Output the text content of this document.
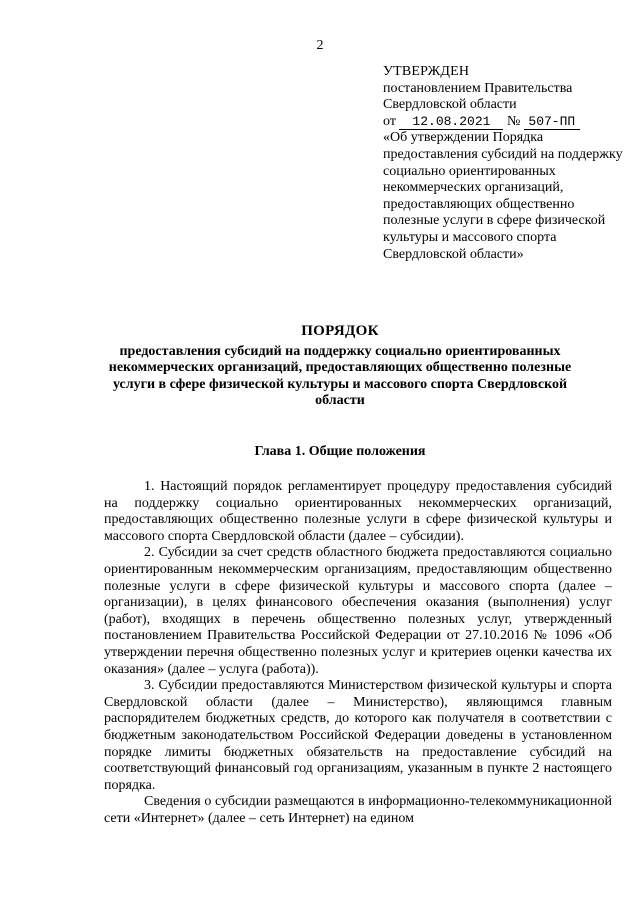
2
УТВЕРЖДЕН
постановлением Правительства
Свердловской области
от 12.08.2021 № 507-ПП
«Об утверждении Порядка предоставления субсидий на поддержку социально ориентированных некоммерческих организаций, предоставляющих общественно полезные услуги в сфере физической культуры и массового спорта Свердловской области»
ПОРЯДОК
предоставления субсидий на поддержку социально ориентированных некоммерческих организаций, предоставляющих общественно полезные услуги в сфере физической культуры и массового спорта Свердловской области
Глава 1. Общие положения

1. Настоящий порядок регламентирует процедуру предоставления субсидий на поддержку социально ориентированных некоммерческих организаций, предоставляющих общественно полезные услуги в сфере физической культуры и массового спорта Свердловской области (далее – субсидии).

2. Субсидии за счет средств областного бюджета предоставляются социально ориентированным некоммерческим организациям, предоставляющим общественно полезные услуги в сфере физической культуры и массового спорта (далее – организации), в целях финансового обеспечения оказания (выполнения) услуг (работ), входящих в перечень общественно полезных услуг, утвержденный постановлением Правительства Российской Федерации от 27.10.2016 № 1096 «Об утверждении перечня общественно полезных услуг и критериев оценки качества их оказания» (далее – услуга (работа)).

3. Субсидии предоставляются Министерством физической культуры и спорта Свердловской области (далее – Министерство), являющимся главным распорядителем бюджетных средств, до которого как получателя в соответствии с бюджетным законодательством Российской Федерации доведены в установленном порядке лимиты бюджетных обязательств на предоставление субсидий на соответствующий финансовый год организациям, указанным в пункте 2 настоящего порядка.

Сведения о субсидии размещаются в информационно-телекоммуникационной сети «Интернет» (далее – сеть Интернет) на едином
